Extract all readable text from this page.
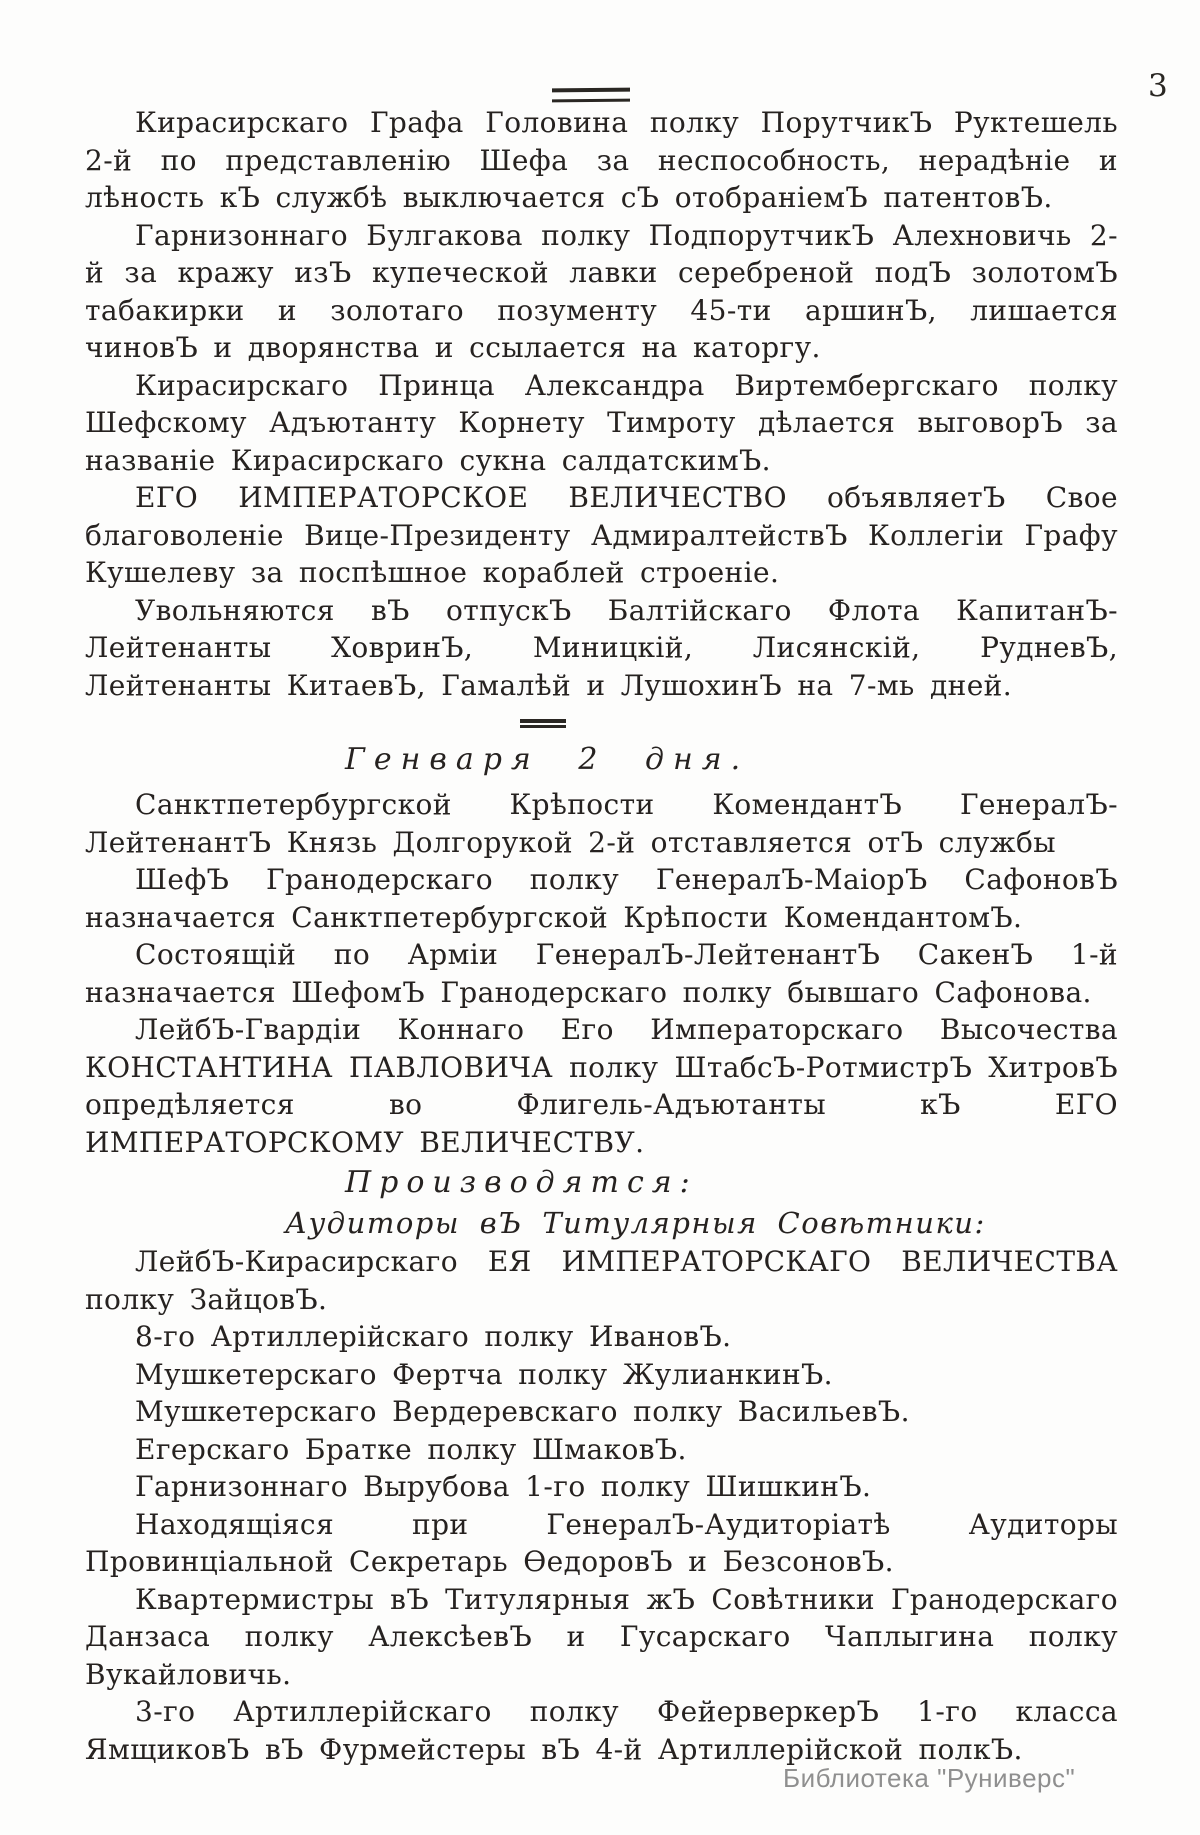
3

Кирасирскаго Графа Головина полку ПорутчикЪ Руктешель 2-й по представленію Шефа за неспособность, нерадѣніе и лѣность кЪ службѣ выключается сЪ отобраніемЪ патентовЪ.

Гарнизоннаго Булгакова полку ПодпорутчикЪ Алехновичь 2-й за кражу изЪ купеческой лавки серебреной подЪ золотомЪ табакирки и золотаго позументу 45-ти аршинЪ, лишается чиновЪ и дворянства и ссылается на каторгу.

Кирасирскаго Принца Александра Виртембергскаго полку Шефскому Адъютанту Корнету Тимроту дѣлается выговорЪ за названіе Кирасирскаго сукна салдатскимЪ.

ЕГО ИМПЕРАТОРСКОЕ ВЕЛИЧЕСТВО объявляетЪ Свое благоволеніе Вице-Президенту АдмиралтействЪ Коллегіи Графу Кушелеву за поспѣшное кораблей строеніе.

Увольняются вЪ отпускЪ Балтійскаго Флота КапитанЪ-Лейтенанты ХовринЪ, Миницкій, Лисянскій, РудневЪ, Лейтенанты КитаевЪ, Гамалѣй и ЛушохинЪ на 7-мь дней.

Генваря 2 дня.

Санктпетербургской Крѣпости КомендантЪ ГенералЪ-ЛейтенантЪ Князь Долгорукой 2-й отставляется отЪ службы

ШефЪ Гранодерскаго полку ГенералЪ-МаіорЪ СафоновЪ назначается Санктпетербургской Крѣпости КомендантомЪ.

Состоящій по Арміи ГенералЪ-ЛейтенантЪ СакенЪ 1-й назначается ШефомЪ Гранодерскаго полку бывшаго Сафонова.

ЛейбЪ-Гвардіи Коннаго Его Императорскаго Высочества КОНСТАНТИНА ПАВЛОВИЧА полку ШтабсЪ-РотмистрЪ ХитровЪ опредѣляется во Флигель-Адъютанты кЪ ЕГО ИМПЕРАТОРСКОМУ ВЕЛИЧЕСТВУ.

Производятся:
Аудиторы вЪ Титулярныя Совѣтники:

ЛейбЪ-Кирасирскаго ЕЯ ИМПЕРАТОРСКАГО ВЕЛИЧЕСТВА полку ЗайцовЪ.

8-го Артиллерійскаго полку ИвановЪ.

Мушкетерскаго Фертча полку ЖулианкинЪ.

Мушкетерскаго Вердеревскаго полку ВасильевЪ.

Егерскаго Братке полку ШмаковЪ.

Гарнизоннаго Вырубова 1-го полку ШишкинЪ.

Находящіяся при ГенералЪ-Аудиторіатѣ Аудиторы Провинціальной Секретарь ѲедоровЪ и БезсоновЪ.

Квартермистры вЪ Титулярныя жЪ Совѣтники Гранодерскаго Данзаса полку АлексѣевЪ и Гусарскаго Чаплыгина полку Вукайловичь.

3-го Артиллерійскаго полку ФейерверкерЪ 1-го класса ЯмщиковЪ вЪ Фурмейстеры вЪ 4-й Артиллерійской полкЪ.

Библиотека "Руниверс"
